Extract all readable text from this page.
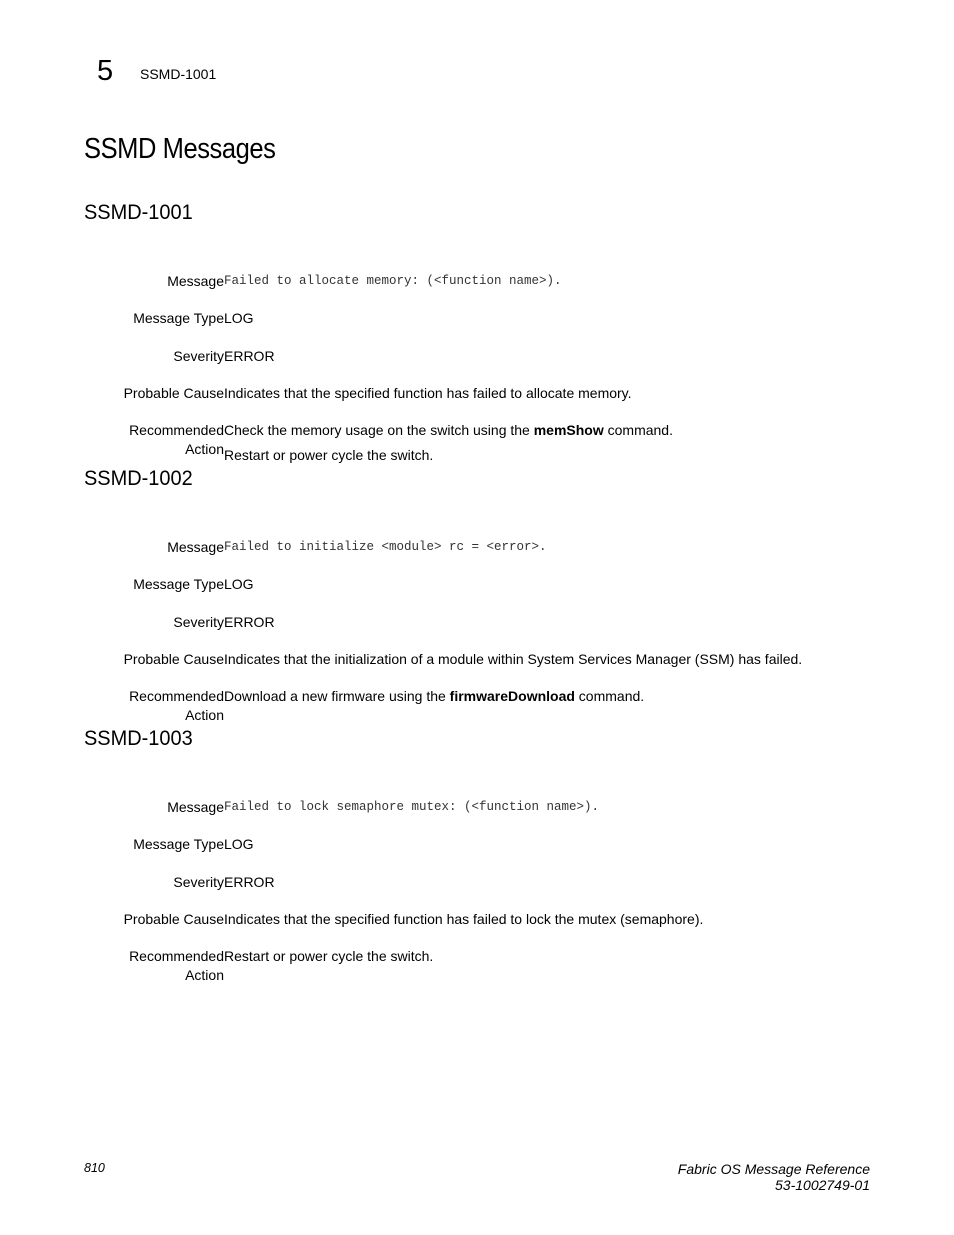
5 SSMD-1001
SSMD Messages
SSMD-1001
Message Failed to allocate memory: (<function name>).
Message Type LOG
Severity ERROR
Probable Cause Indicates that the specified function has failed to allocate memory.
Recommended
Action

Check the memory usage on the switch using the memShow command.

Restart or power cycle the switch.

SSMD-1002
Message Failed to initialize <module> rc = <error>.
Message Type LOG
Severity ERROR
Probable Cause Indicates that the initialization of a module within System Services Manager (SSM) has failed.
Recommended
Action

Download a new firmware using the firmwareDownload command.

SSMD-1003
Message Failed to lock semaphore mutex: (<function name>).
Message Type LOG
Severity ERROR
Probable Cause Indicates that the specified function has failed to lock the mutex (semaphore).
Recommended
Action

Restart or power cycle the switch.

810	Fabric OS Message Reference
53-1002749-01
